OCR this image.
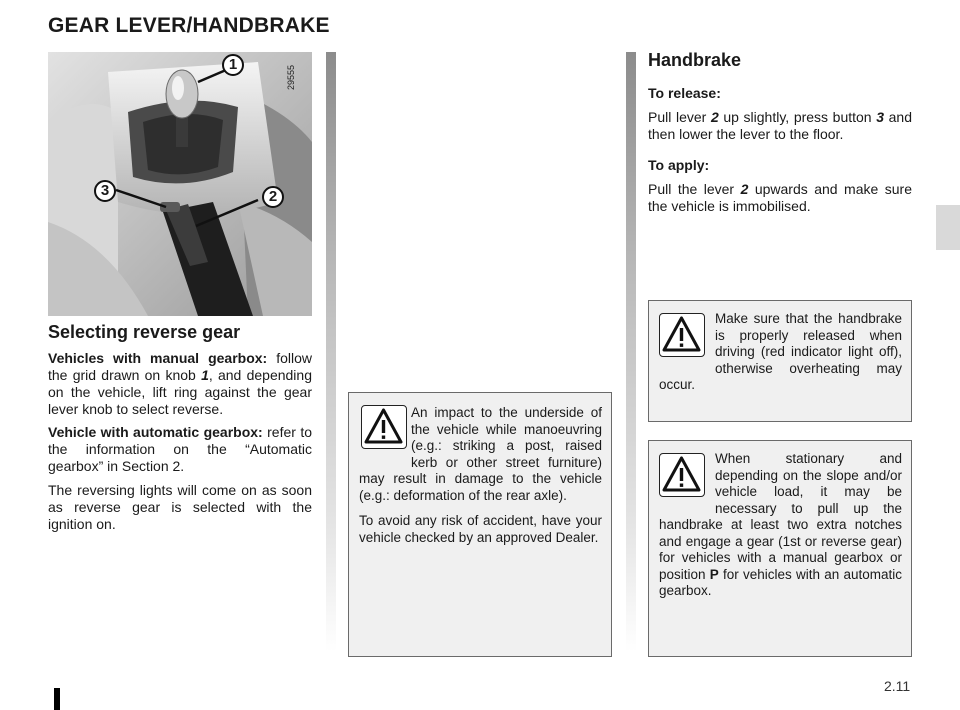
GEAR LEVER/HANDBRAKE
1
3	2
29555
Selecting reverse gear

Vehicles with manual gearbox: follow the grid drawn on knob 1, and depending on the vehicle, lift ring against the gear lever knob to select reverse.

Vehicle with automatic gearbox: refer to the information on the “Automatic gearbox” in Section 2.

The reversing lights will come on as soon as reverse gear is selected with the ignition on.

An impact to the underside of the vehicle while manoeuvring (e.g.: striking a post, raised kerb or other street furniture) may result in damage to the vehicle (e.g.: deformation of the rear axle).

To avoid any risk of accident, have your vehicle checked by an approved Dealer.

Handbrake
To release:

Pull lever 2 up slightly, press button 3 and then lower the lever to the floor.

To apply:

Pull the lever 2 upwards and make sure the vehicle is immobilised.

Make sure that the handbrake is properly released when driving (red indicator light off), otherwise overheating may occur.

When stationary and depending on the slope and/or vehicle load, it may be necessary to pull up the handbrake at least two extra notches and engage a gear (1st or reverse gear) for vehicles with a manual gearbox or position P for vehicles with an automatic gearbox.

2.11
